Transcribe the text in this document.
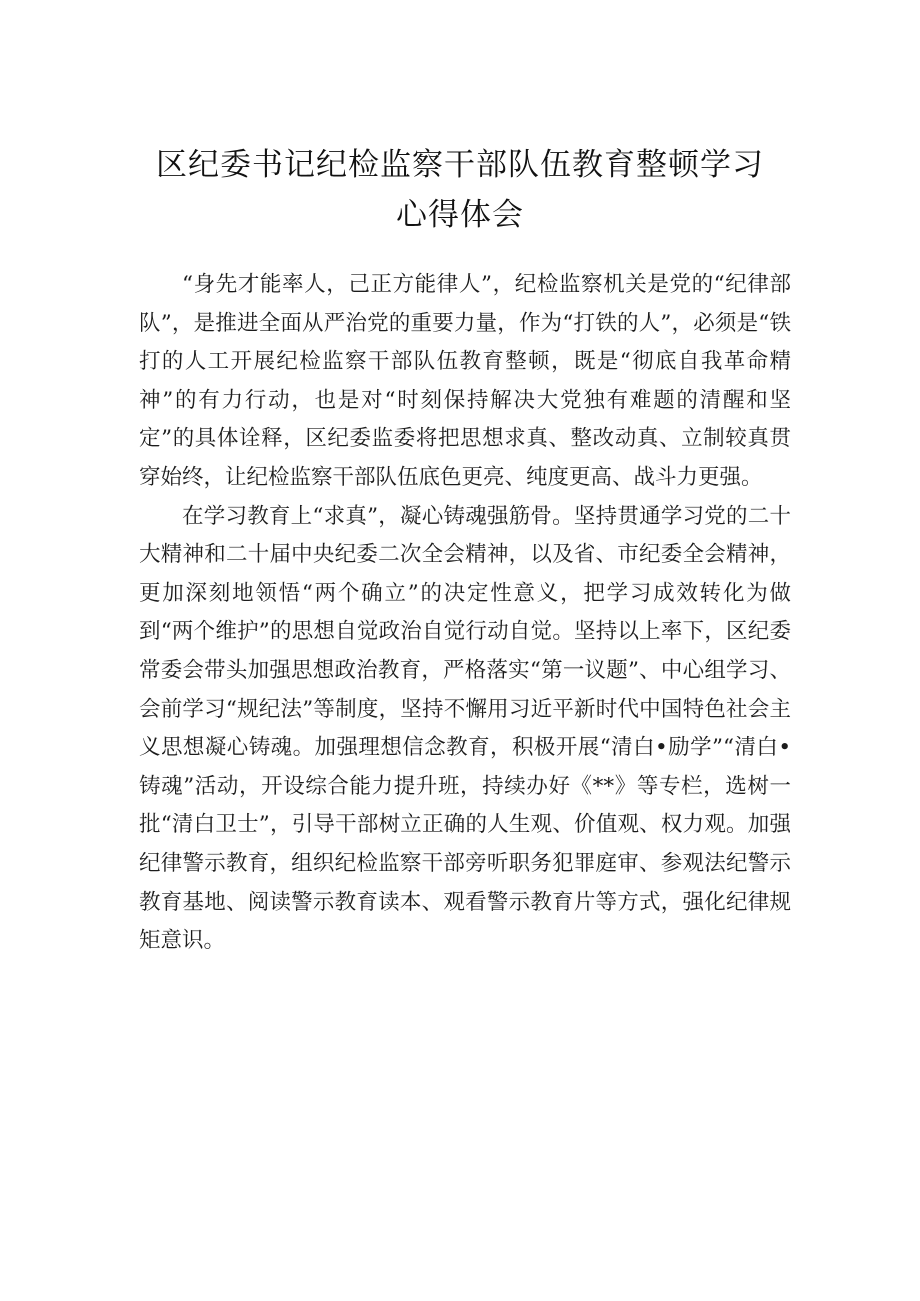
区纪委书记纪检监察干部队伍教育整顿学习
心得体会

“身先才能率人，己正方能律人”，纪检监察机关是党的“纪律部队”，是推进全面从严治党的重要力量，作为“打铁的人”，必须是“铁打的人工开展纪检监察干部队伍教育整顿，既是“彻底自我革命精神”的有力行动，也是对“时刻保持解决大党独有难题的清醒和坚定”的具体诠释，区纪委监委将把思想求真、整改动真、立制较真贯穿始终，让纪检监察干部队伍底色更亮、纯度更高、战斗力更强。

在学习教育上“求真”，凝心铸魂强筋骨。坚持贯通学习党的二十大精神和二十届中央纪委二次全会精神，以及省、市纪委全会精神，更加深刻地领悟“两个确立”的决定性意义，把学习成效转化为做到“两个维护”的思想自觉政治自觉行动自觉。坚持以上率下，区纪委常委会带头加强思想政治教育，严格落实“第一议题”、中心组学习、会前学习“规纪法”等制度，坚持不懈用习近平新时代中国特色社会主义思想凝心铸魂。加强理想信念教育，积极开展“清白•励学”“清白•铸魂”活动，开设综合能力提升班，持续办好《**》等专栏，选树一批“清白卫士”，引导干部树立正确的人生观、价值观、权力观。加强纪律警示教育，组织纪检监察干部旁听职务犯罪庭审、参观法纪警示教育基地、阅读警示教育读本、观看警示教育片等方式，强化纪律规矩意识。
